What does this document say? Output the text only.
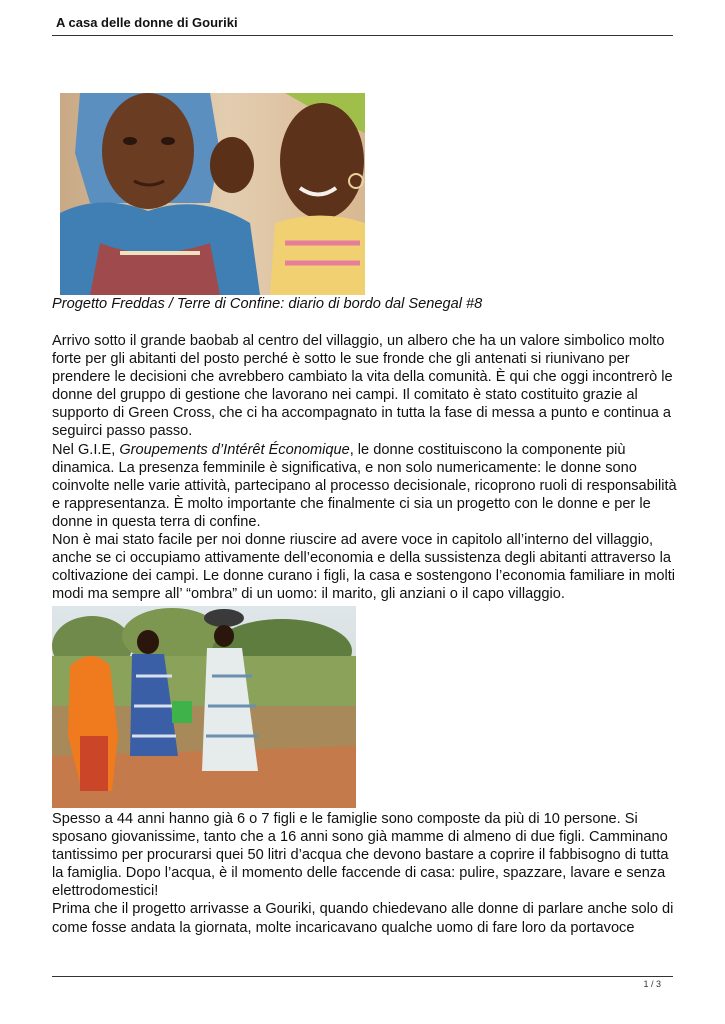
A casa delle donne di Gouriki
Progetto Freddas / Terre di Confine: diario di bordo dal Senegal #8

Arrivo sotto il grande baobab al centro del villaggio, un albero che ha un valore simbolico molto forte per gli abitanti del posto perché è sotto le sue fronde che gli antenati si riunivano per prendere le decisioni che avrebbero cambiato la vita della comunità. È qui che oggi incontrerò le donne del gruppo di gestione che lavorano nei campi. Il comitato è stato costituito grazie al supporto di Green Cross, che ci ha accompagnato in tutta la fase di messa a punto e continua a seguirci passo passo.

Nel G.I.E, Groupements d’Intérêt Économique, le donne costituiscono la componente più dinamica. La presenza femminile è significativa, e non solo numericamente: le donne sono coinvolte nelle varie attività, partecipano al processo decisionale, ricoprono ruoli di responsabilità e rappresentanza. È molto importante che finalmente ci sia un progetto con le donne e per le donne in questa terra di confine.

Non è mai stato facile per noi donne riuscire ad avere voce in capitolo all’interno del villaggio, anche se ci occupiamo attivamente dell’economia e della sussistenza degli abitanti attraverso la coltivazione dei campi. Le donne curano i figli, la casa e sostengono l’economia familiare in molti modi ma sempre all’ “ombra” di un uomo: il marito, gli anziani o il capo villaggio.

Spesso a 44 anni hanno già 6 o 7 figli e le famiglie sono composte da più di 10 persone. Si sposano giovanissime, tanto che a 16 anni sono già mamme di almeno di due figli. Camminano tantissimo per procurarsi quei 50 litri d’acqua che devono bastare a coprire il fabbisogno di tutta la famiglia. Dopo l’acqua, è il momento delle faccende di casa: pulire, spazzare, lavare e senza elettrodomestici!

Prima che il progetto arrivasse a Gouriki, quando chiedevano alle donne di parlare anche solo di come fosse andata la giornata, molte incaricavano qualche uomo di fare loro da portavoce

1 / 3
